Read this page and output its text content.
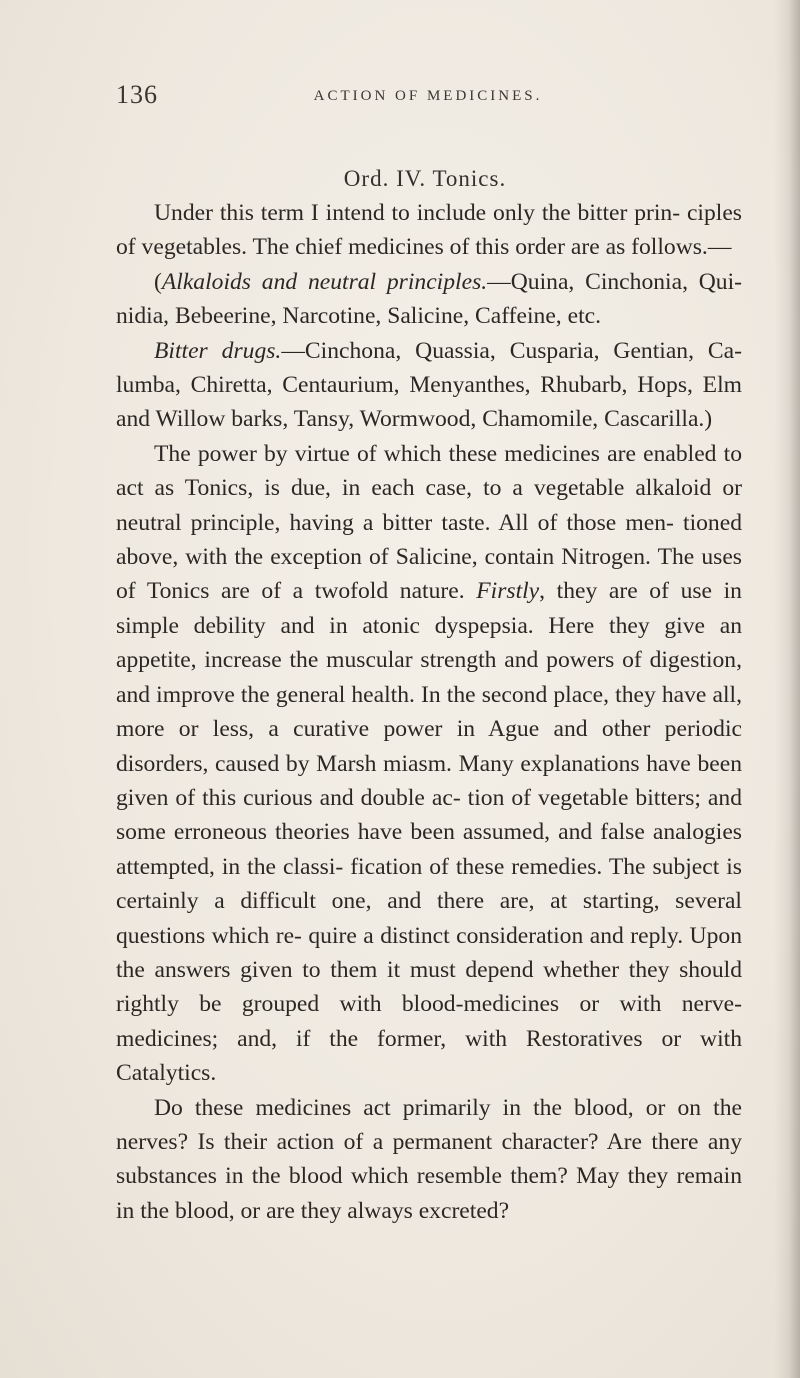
136	ACTION OF MEDICINES.
Ord. IV. Tonics.

Under this term I intend to include only the bitter prin- ciples of vegetables. The chief medicines of this order are as follows.—

(Alkaloids and neutral principles.—Quina, Cinchonia, Qui- nidia, Bebeerine, Narcotine, Salicine, Caffeine, etc.

Bitter drugs.—Cinchona, Quassia, Cusparia, Gentian, Ca- lumba, Chiretta, Centaurium, Menyanthes, Rhubarb, Hops, Elm and Willow barks, Tansy, Wormwood, Chamomile, Cascarilla.)

The power by virtue of which these medicines are enabled to act as Tonics, is due, in each case, to a vegetable alkaloid or neutral principle, having a bitter taste. All of those men- tioned above, with the exception of Salicine, contain Nitrogen. The uses of Tonics are of a twofold nature. Firstly, they are of use in simple debility and in atonic dyspepsia. Here they give an appetite, increase the muscular strength and powers of digestion, and improve the general health. In the second place, they have all, more or less, a curative power in Ague and other periodic disorders, caused by Marsh miasm. Many explanations have been given of this curious and double ac- tion of vegetable bitters; and some erroneous theories have been assumed, and false analogies attempted, in the classi- fication of these remedies. The subject is certainly a difficult one, and there are, at starting, several questions which re- quire a distinct consideration and reply. Upon the answers given to them it must depend whether they should rightly be grouped with blood-medicines or with nerve-medicines; and, if the former, with Restoratives or with Catalytics.

Do these medicines act primarily in the blood, or on the nerves? Is their action of a permanent character? Are there any substances in the blood which resemble them? May they remain in the blood, or are they always excreted?
